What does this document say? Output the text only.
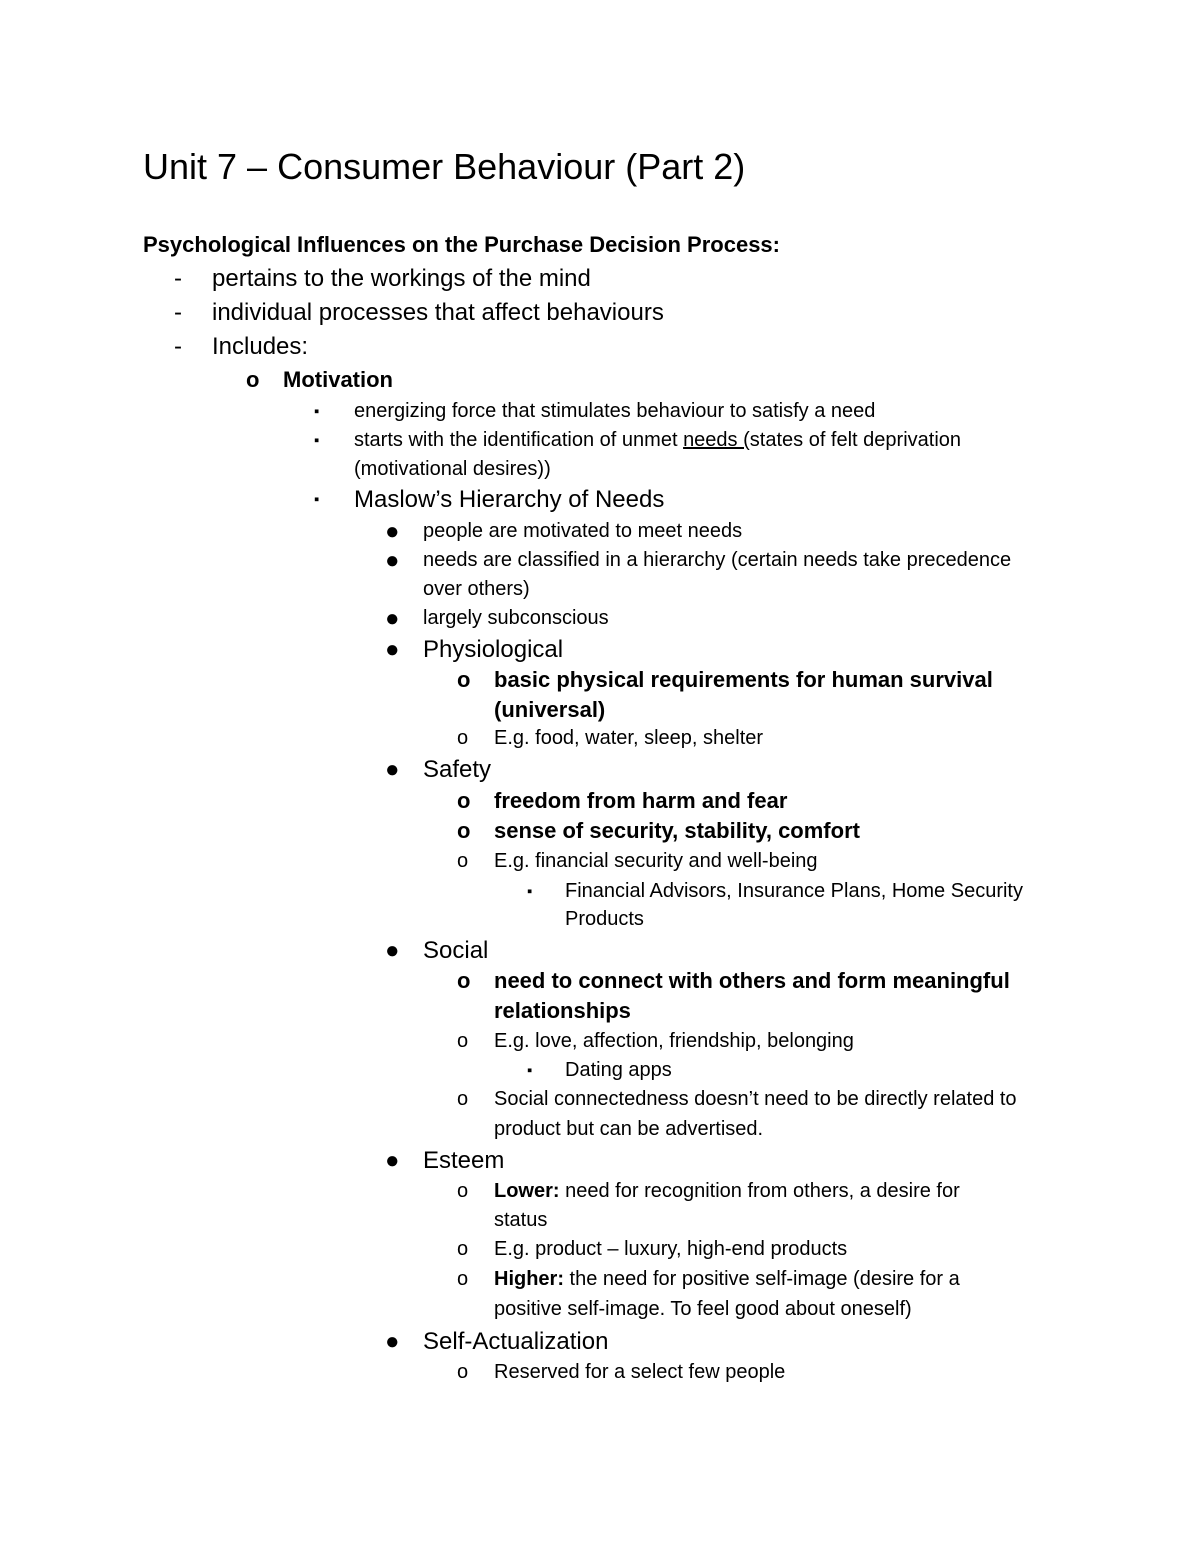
Unit 7 – Consumer Behaviour (Part 2)
Psychological Influences on the Purchase Decision Process:
- pertains to the workings of the mind
- individual processes that affect behaviours
- Includes:
o Motivation
▪ energizing force that stimulates behaviour to satisfy a need
▪ starts with the identification of unmet needs (states of felt deprivation
(motivational desires))
▪ Maslow’s Hierarchy of Needs
● people are motivated to meet needs
● needs are classified in a hierarchy (certain needs take precedence
over others)
● largely subconscious
● Physiological
o basic physical requirements for human survival
(universal)
o E.g. food, water, sleep, shelter
● Safety
o freedom from harm and fear
o sense of security, stability, comfort
o E.g. financial security and well-being
▪ Financial Advisors, Insurance Plans, Home Security
Products
● Social
o need to connect with others and form meaningful
relationships
o E.g. love, affection, friendship, belonging
▪ Dating apps
o Social connectedness doesn’t need to be directly related to
product but can be advertised.
● Esteem
o Lower: need for recognition from others, a desire for
status
o E.g. product – luxury, high-end products
o Higher: the need for positive self-image (desire for a
positive self-image. To feel good about oneself)
● Self-Actualization
o Reserved for a select few people
